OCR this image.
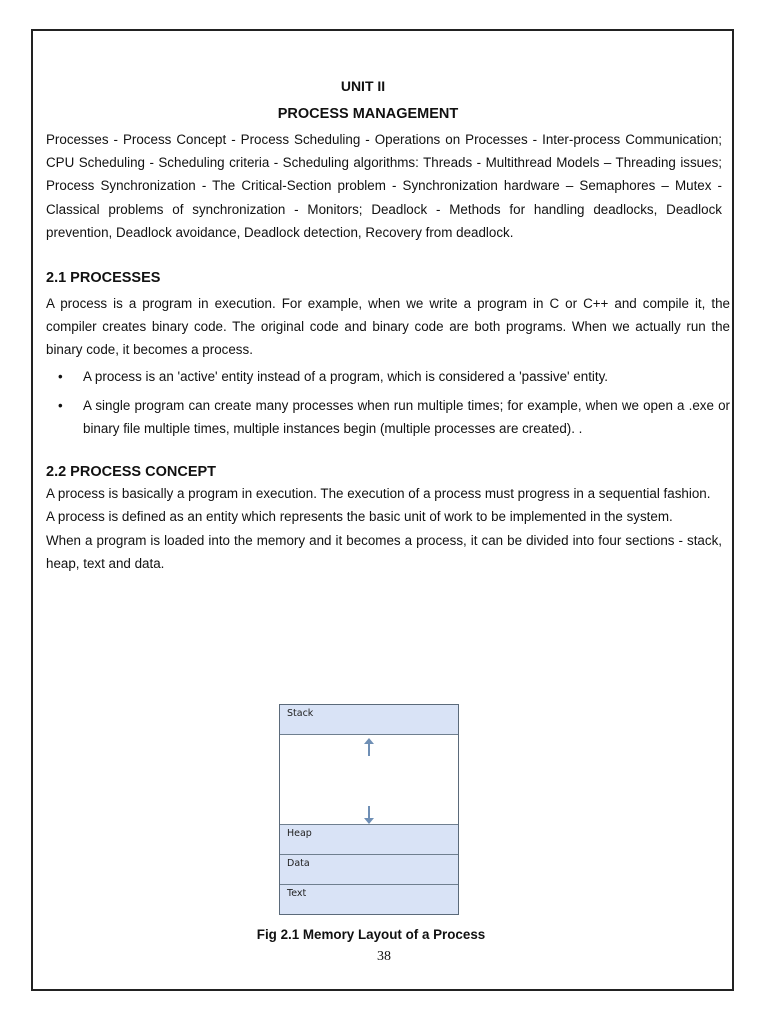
UNIT II
PROCESS MANAGEMENT

Processes - Process Concept - Process Scheduling - Operations on Processes - Inter-process Communication; CPU Scheduling - Scheduling criteria - Scheduling algorithms: Threads - Multithread Models – Threading issues; Process Synchronization - The Critical-Section problem - Synchronization hardware – Semaphores – Mutex - Classical problems of synchronization - Monitors; Deadlock - Methods for handling deadlocks, Deadlock prevention, Deadlock avoidance, Deadlock detection, Recovery from deadlock.

2.1 PROCESSES

A process is a program in execution. For example, when we write a program in C or C++ and compile it, the compiler creates binary code. The original code and binary code are both programs. When we actually run the binary code, it becomes a process.

• A process is an 'active' entity instead of a program, which is considered a 'passive' entity.
• A single program can create many processes when run multiple times; for example, when we open a .exe or binary file multiple times, multiple instances begin (multiple processes are created). .
2.2 PROCESS CONCEPT

A process is basically a program in execution. The execution of a process must progress in a sequential fashion.

A process is defined as an entity which represents the basic unit of work to be implemented in the system.

When a program is loaded into the memory and it becomes a process, it can be divided into four sections - stack, heap, text and data.

Stack
Heap
Data
Text
Fig 2.1 Memory Layout of a Process
38
